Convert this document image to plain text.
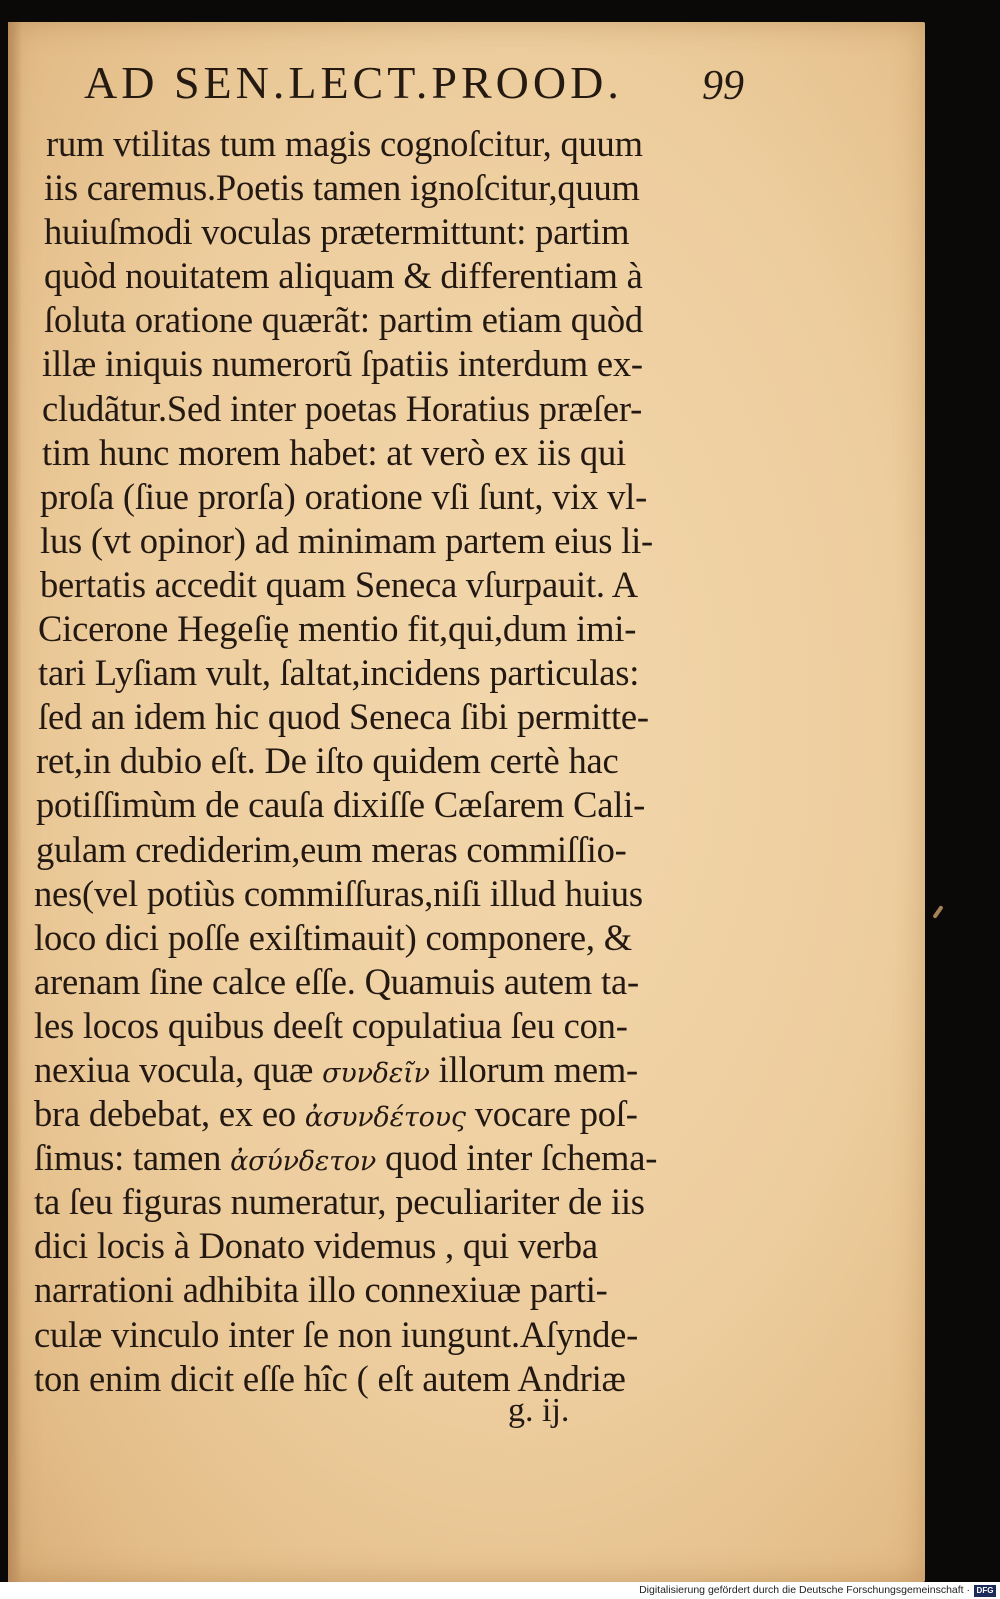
AD SEN.LECT.PROOD. 99
rum vtilitas tum magis cognoſcitur, quum
iis caremus.Poetis tamen ignoſcitur,quum
huiuſmodi voculas prætermittunt: partim
quòd nouitatem aliquam & differentiam à
ſoluta oratione quærãt: partim etiam quòd
illæ iniquis numerorũ ſpatiis interdum ex-
cludãtur.Sed inter poetas Horatius præſer-
tim hunc morem habet: at verò ex iis qui
proſa (ſiue prorſa) oratione vſi ſunt, vix vl-
lus (vt opinor) ad minimam partem eius li-
bertatis accedit quam Seneca vſurpauit. A
Cicerone Hegeſię mentio fit,qui,dum imi-
tari Lyſiam vult, ſaltat,incidens particulas:
ſed an idem hic quod Seneca ſibi permitte-
ret,in dubio eſt. De iſto quidem certè hac
potiſſimùm de cauſa dixiſſe Cæſarem Cali-
gulam crediderim,eum meras commiſſio-
nes(vel potiùs commiſſuras,niſi illud huius
loco dici poſſe exiſtimauit) componere, &
arenam ſine calce eſſe. Quamuis autem ta-
les locos quibus deeſt copulatiua ſeu con-
nexiua vocula, quæ συνδεῖν illorum mem-
bra debebat, ex eo ἀσυνδέτους vocare poſ-
ſimus: tamen ἀσύνδετον quod inter ſchema-
ta ſeu figuras numeratur, peculiariter de iis
dici locis à Donato videmus , qui verba
narrationi adhibita illo connexiuæ parti-
culæ vinculo inter ſe non iungunt.Aſynde-
ton enim dicit eſſe hîc ( eſt autem Andriæ
g. ij.
Digitalisierung gefördert durch die Deutsche Forschungsgemeinschaft · DFG
